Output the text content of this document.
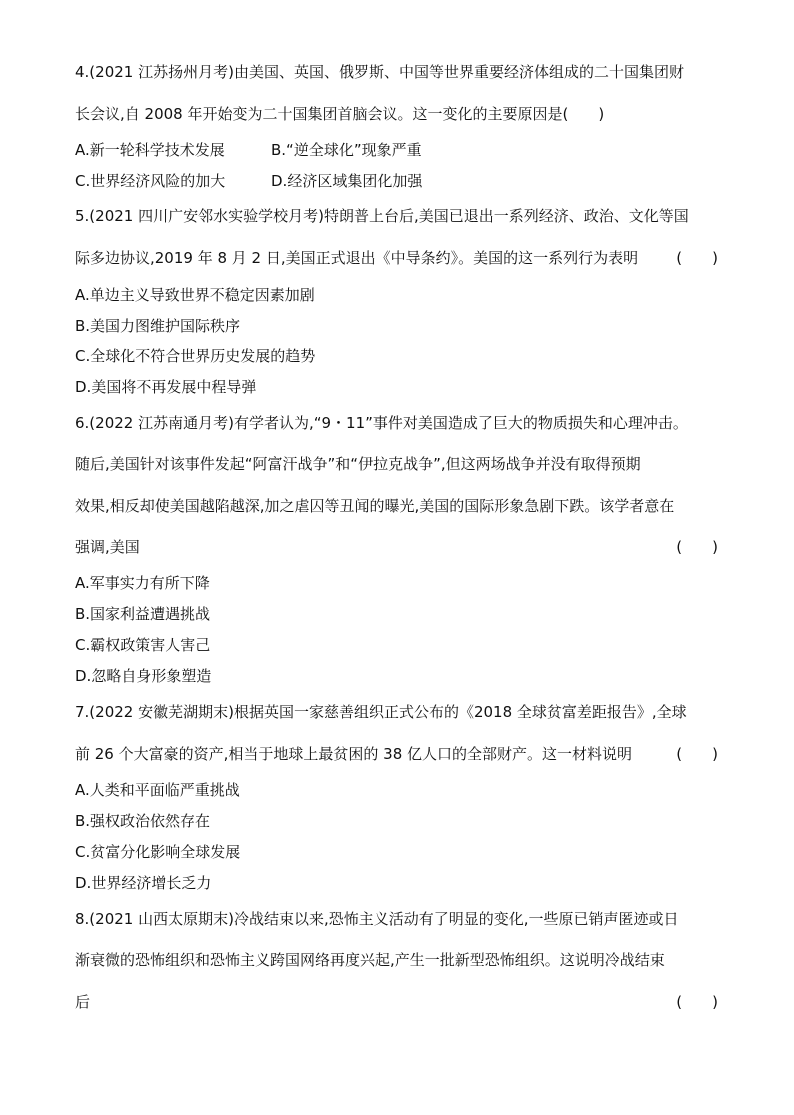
4.(2021 江苏扬州月考)由美国、英国、俄罗斯、中国等世界重要经济体组成的二十国集团财
长会议,自 2008 年开始变为二十国集团首脑会议。这一变化的主要原因是(　　)
A.新一轮科学技术发展	B.“逆全球化”现象严重
C.世界经济风险的加大	D.经济区域集团化加强
5.(2021 四川广安邻水实验学校月考)特朗普上台后,美国已退出一系列经济、政治、文化等国
际多边协议,2019 年 8 月 2 日,美国正式退出《中导条约》。美国的这一系列行为表明	(　　)
A.单边主义导致世界不稳定因素加剧
B.美国力图维护国际秩序
C.全球化不符合世界历史发展的趋势
D.美国将不再发展中程导弹
6.(2022 江苏南通月考)有学者认为,“9・11”事件对美国造成了巨大的物质损失和心理冲击。
随后,美国针对该事件发起“阿富汗战争”和“伊拉克战争”,但这两场战争并没有取得预期
效果,相反却使美国越陷越深,加之虐囚等丑闻的曝光,美国的国际形象急剧下跌。该学者意在
强调,美国	(　　)
A.军事实力有所下降
B.国家利益遭遇挑战
C.霸权政策害人害己
D.忽略自身形象塑造
7.(2022 安徽芜湖期末)根据英国一家慈善组织正式公布的《2018 全球贫富差距报告》,全球
前 26 个大富豪的资产,相当于地球上最贫困的 38 亿人口的全部财产。这一材料说明	(　　)
A.人类和平面临严重挑战
B.强权政治依然存在
C.贫富分化影响全球发展
D.世界经济增长乏力
8.(2021 山西太原期末)冷战结束以来,恐怖主义活动有了明显的变化,一些原已销声匿迹或日
渐衰微的恐怖组织和恐怖主义跨国网络再度兴起,产生一批新型恐怖组织。这说明冷战结束
后	(　　)
